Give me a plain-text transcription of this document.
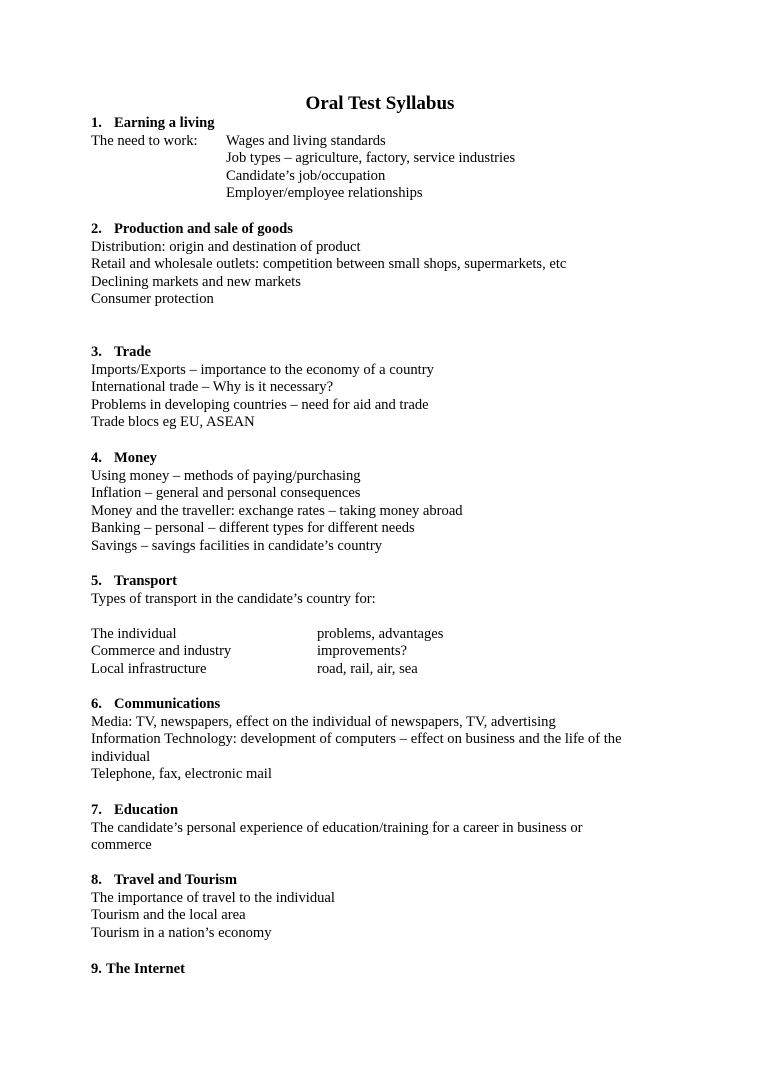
Oral Test Syllabus
1. Earning a living
The need to work:	Wages and living standards
Job types – agriculture, factory, service industries
Candidate’s job/occupation
Employer/employee relationships
2. Production and sale of goods
Distribution: origin and destination of product
Retail and wholesale outlets: competition between small shops, supermarkets, etc
Declining markets and new markets
Consumer protection
3. Trade
Imports/Exports – importance to the economy of a country
International trade – Why is it necessary?
Problems in developing countries – need for aid and trade
Trade blocs eg EU, ASEAN
4. Money
Using money – methods of paying/purchasing
Inflation – general and personal consequences
Money and the traveller: exchange rates – taking money abroad
Banking – personal – different types for different needs
Savings – savings facilities in candidate’s country
5. Transport
Types of transport in the candidate’s country for:
The individual	problems, advantages
Commerce and industry	improvements?
Local infrastructure	road, rail, air, sea
6. Communications
Media: TV, newspapers, effect on the individual of newspapers, TV, advertising
Information Technology: development of computers – effect on business and the life of the individual
Telephone, fax, electronic mail
7. Education
The candidate’s personal experience of education/training for a career in business or commerce
8. Travel and Tourism
The importance of travel to the individual
Tourism and the local area
Tourism in a nation’s economy
9. The Internet
